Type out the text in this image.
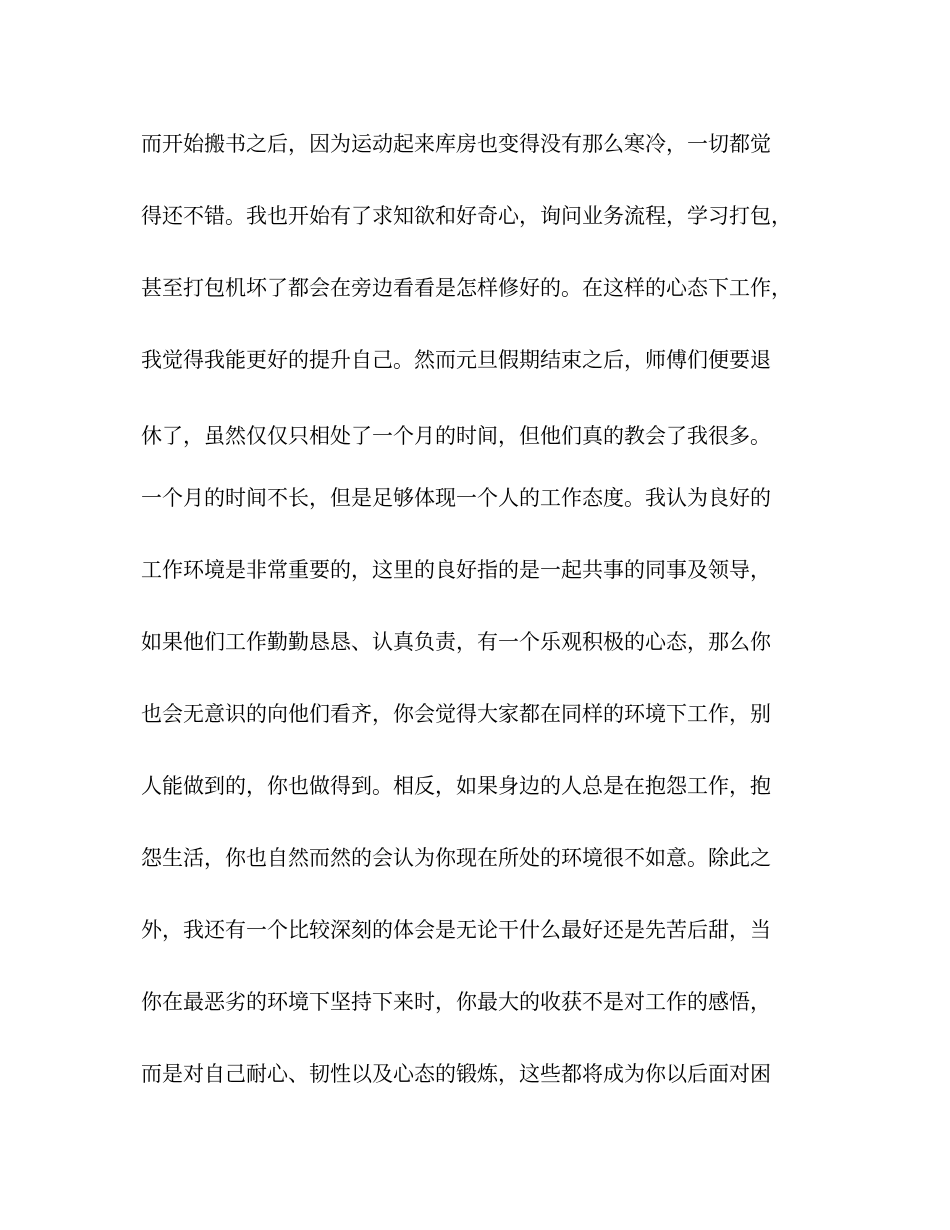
而开始搬书之后，因为运动起来库房也变得没有那么寒冷，一切都觉
得还不错。我也开始有了求知欲和好奇心，询问业务流程，学习打包，
甚至打包机坏了都会在旁边看看是怎样修好的。在这样的心态下工作，
我觉得我能更好的提升自己。然而元旦假期结束之后，师傅们便要退
休了，虽然仅仅只相处了一个月的时间，但他们真的教会了我很多。
一个月的时间不长，但是足够体现一个人的工作态度。我认为良好的
工作环境是非常重要的，这里的良好指的是一起共事的同事及领导，
如果他们工作勤勤恳恳、认真负责，有一个乐观积极的心态，那么你
也会无意识的向他们看齐，你会觉得大家都在同样的环境下工作，别
人能做到的，你也做得到。相反，如果身边的人总是在抱怨工作，抱
怨生活，你也自然而然的会认为你现在所处的环境很不如意。除此之
外，我还有一个比较深刻的体会是无论干什么最好还是先苦后甜，当
你在最恶劣的环境下坚持下来时，你最大的收获不是对工作的感悟，
而是对自己耐心、韧性以及心态的锻炼，这些都将成为你以后面对困
